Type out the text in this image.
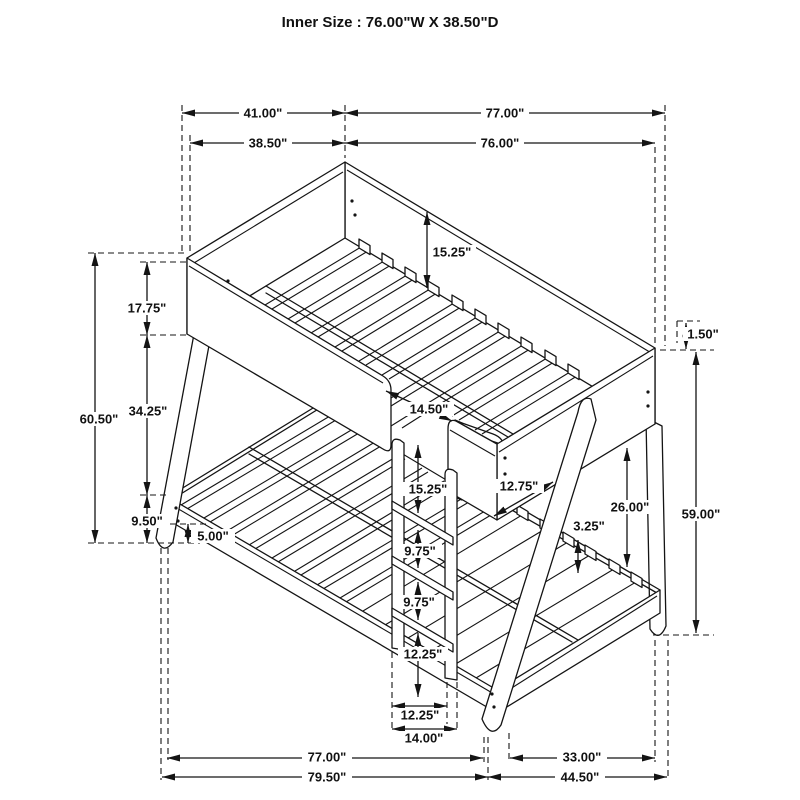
41.00"	77.00"
38.50"	76.00"
60.50"
17.75"
34.25"
9.50"
5.00"
15.25"
14.50"
15.25"
9.75"
9.75"
12.25"
12.75"
3.25"
26.00" 59.00"
1.50"
12.25"
14.00"
77.00"	33.00"
79.50"	44.50"
Inner Size : 76.00"W X 38.50"D
